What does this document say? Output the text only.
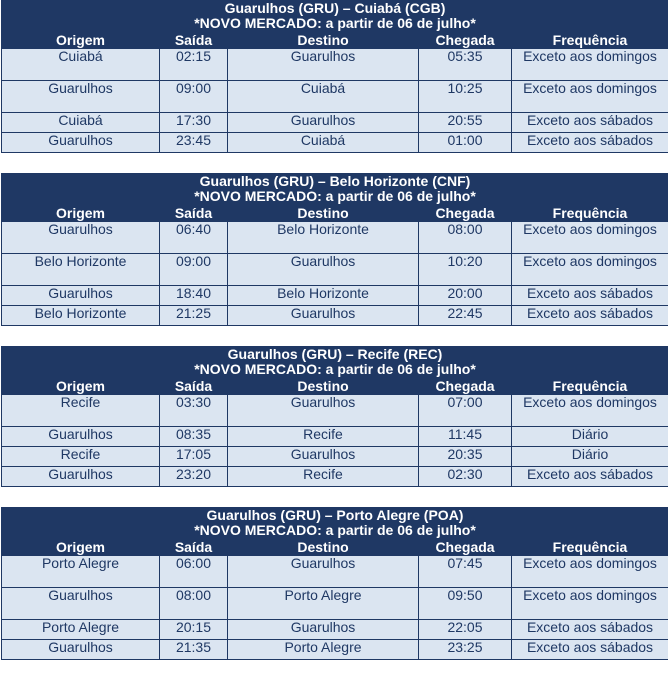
Guarulhos (GRU) – Cuiabá (CGB)
*NOVO MERCADO: a partir de 06 de julho*				

Origem	Saída	Destino	Chegada	Frequência
Cuiabá	02:15	Guarulhos	05:35	Exceto aos domingos
Guarulhos	09:00	Cuiabá	10:25	Exceto aos domingos
Cuiabá	17:30	Guarulhos	20:55	Exceto aos sábados
Guarulhos	23:45	Cuiabá	01:00	Exceto aos sábados
Guarulhos (GRU) – Belo Horizonte (CNF)
*NOVO MERCADO: a partir de 06 de julho*				

Origem	Saída	Destino	Chegada	Frequência
Guarulhos	06:40	Belo Horizonte	08:00	Exceto aos domingos
Belo Horizonte	09:00	Guarulhos	10:20	Exceto aos domingos
Guarulhos	18:40	Belo Horizonte	20:00	Exceto aos sábados
Belo Horizonte	21:25	Guarulhos	22:45	Exceto aos sábados
Guarulhos (GRU) – Recife (REC)
*NOVO MERCADO: a partir de 06 de julho*				

Origem	Saída	Destino	Chegada	Frequência
Recife	03:30	Guarulhos	07:00	Exceto aos domingos
Guarulhos	08:35	Recife	11:45	Diário
Recife	17:05	Guarulhos	20:35	Diário
Guarulhos	23:20	Recife	02:30	Exceto aos sábados
Guarulhos (GRU) – Porto Alegre (POA)
*NOVO MERCADO: a partir de 06 de julho*				

Origem	Saída	Destino	Chegada	Frequência
Porto Alegre	06:00	Guarulhos	07:45	Exceto aos domingos
Guarulhos	08:00	Porto Alegre	09:50	Exceto aos domingos
Porto Alegre	20:15	Guarulhos	22:05	Exceto aos sábados
Guarulhos	21:35	Porto Alegre	23:25	Exceto aos sábados
